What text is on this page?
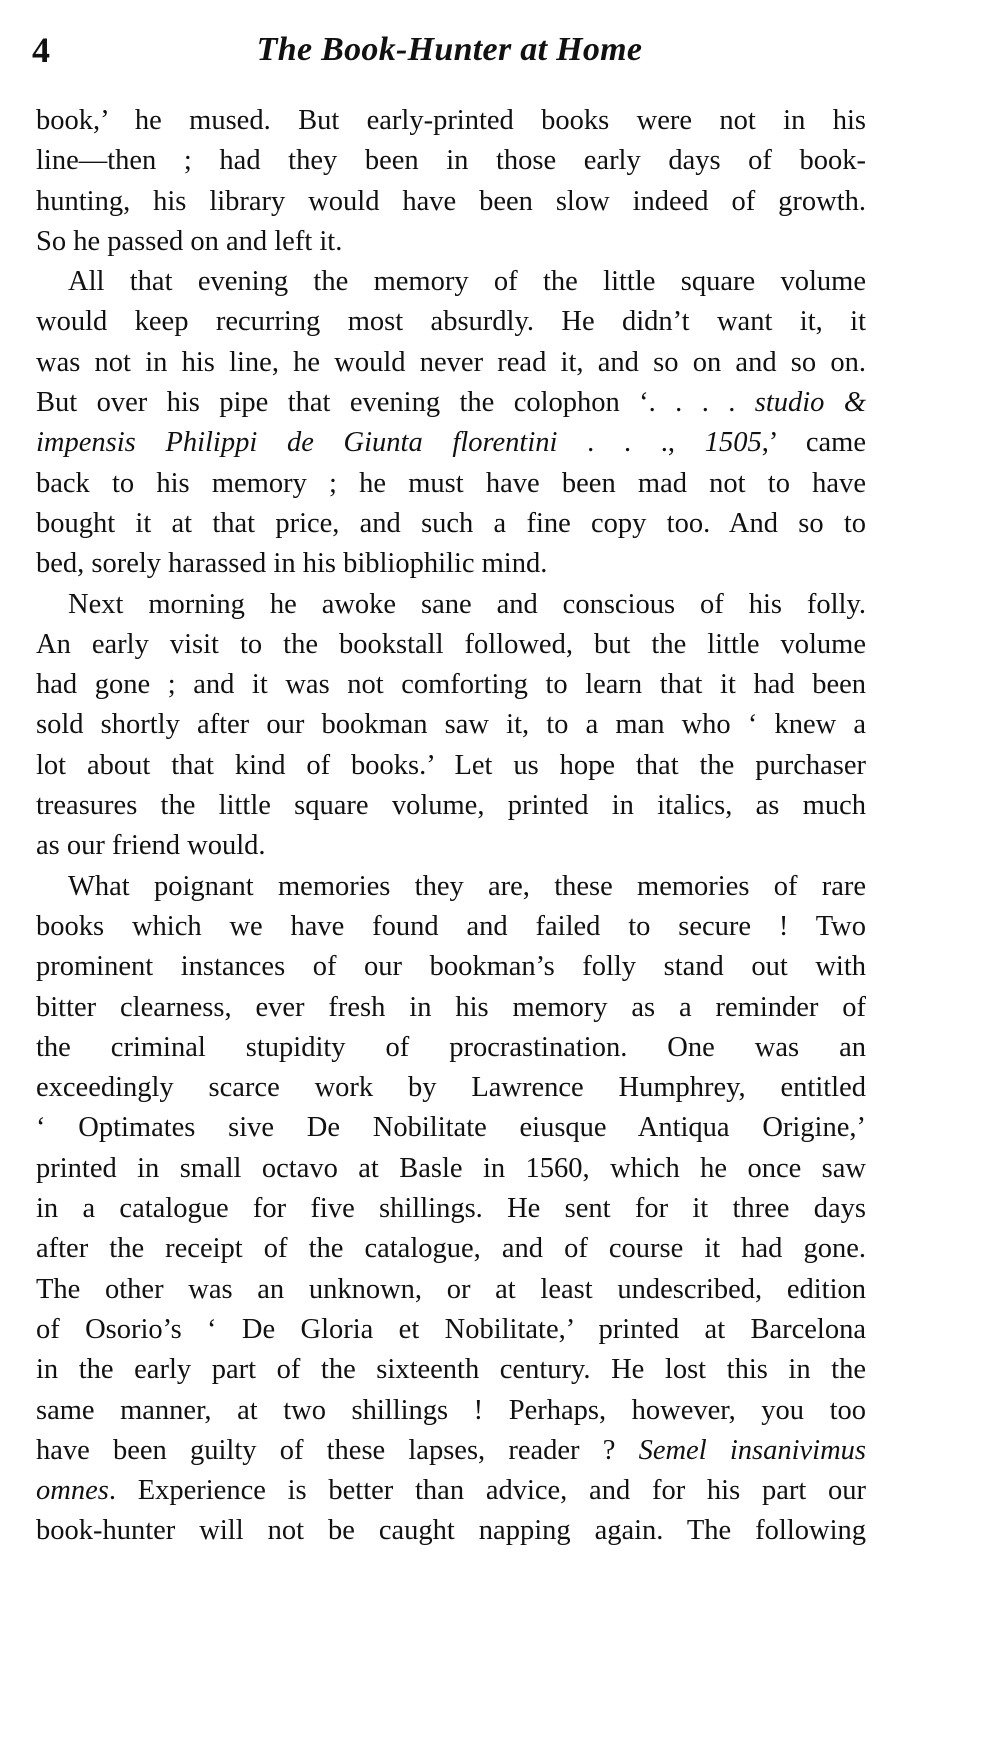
4	The Book-Hunter at Home
book,’ he mused. But early-printed books were not in his
line—then ; had they been in those early days of book-
hunting, his library would have been slow indeed of growth.
So he passed on and left it.
All that evening the memory of the little square volume
would keep recurring most absurdly. He didn’t want it, it
was not in his line, he would never read it, and so on and so on.
But over his pipe that evening the colophon ‘. . . . studio &
impensis Philippi de Giunta florentini . . ., 1505,’ came
back to his memory ; he must have been mad not to have
bought it at that price, and such a fine copy too. And so to
bed, sorely harassed in his bibliophilic mind.
Next morning he awoke sane and conscious of his folly.
An early visit to the bookstall followed, but the little volume
had gone ; and it was not comforting to learn that it had been
sold shortly after our bookman saw it, to a man who ‘ knew a
lot about that kind of books.’ Let us hope that the purchaser
treasures the little square volume, printed in italics, as much
as our friend would.
What poignant memories they are, these memories of rare
books which we have found and failed to secure ! Two
prominent instances of our bookman’s folly stand out with
bitter clearness, ever fresh in his memory as a reminder of
the criminal stupidity of procrastination. One was an
exceedingly scarce work by Lawrence Humphrey, entitled
‘ Optimates sive De Nobilitate eiusque Antiqua Origine,’
printed in small octavo at Basle in 1560, which he once saw
in a catalogue for five shillings. He sent for it three days
after the receipt of the catalogue, and of course it had gone.
The other was an unknown, or at least undescribed, edition
of Osorio’s ‘ De Gloria et Nobilitate,’ printed at Barcelona
in the early part of the sixteenth century. He lost this in the
same manner, at two shillings ! Perhaps, however, you too
have been guilty of these lapses, reader ? Semel insanivimus
omnes. Experience is better than advice, and for his part our
book-hunter will not be caught napping again. The following
